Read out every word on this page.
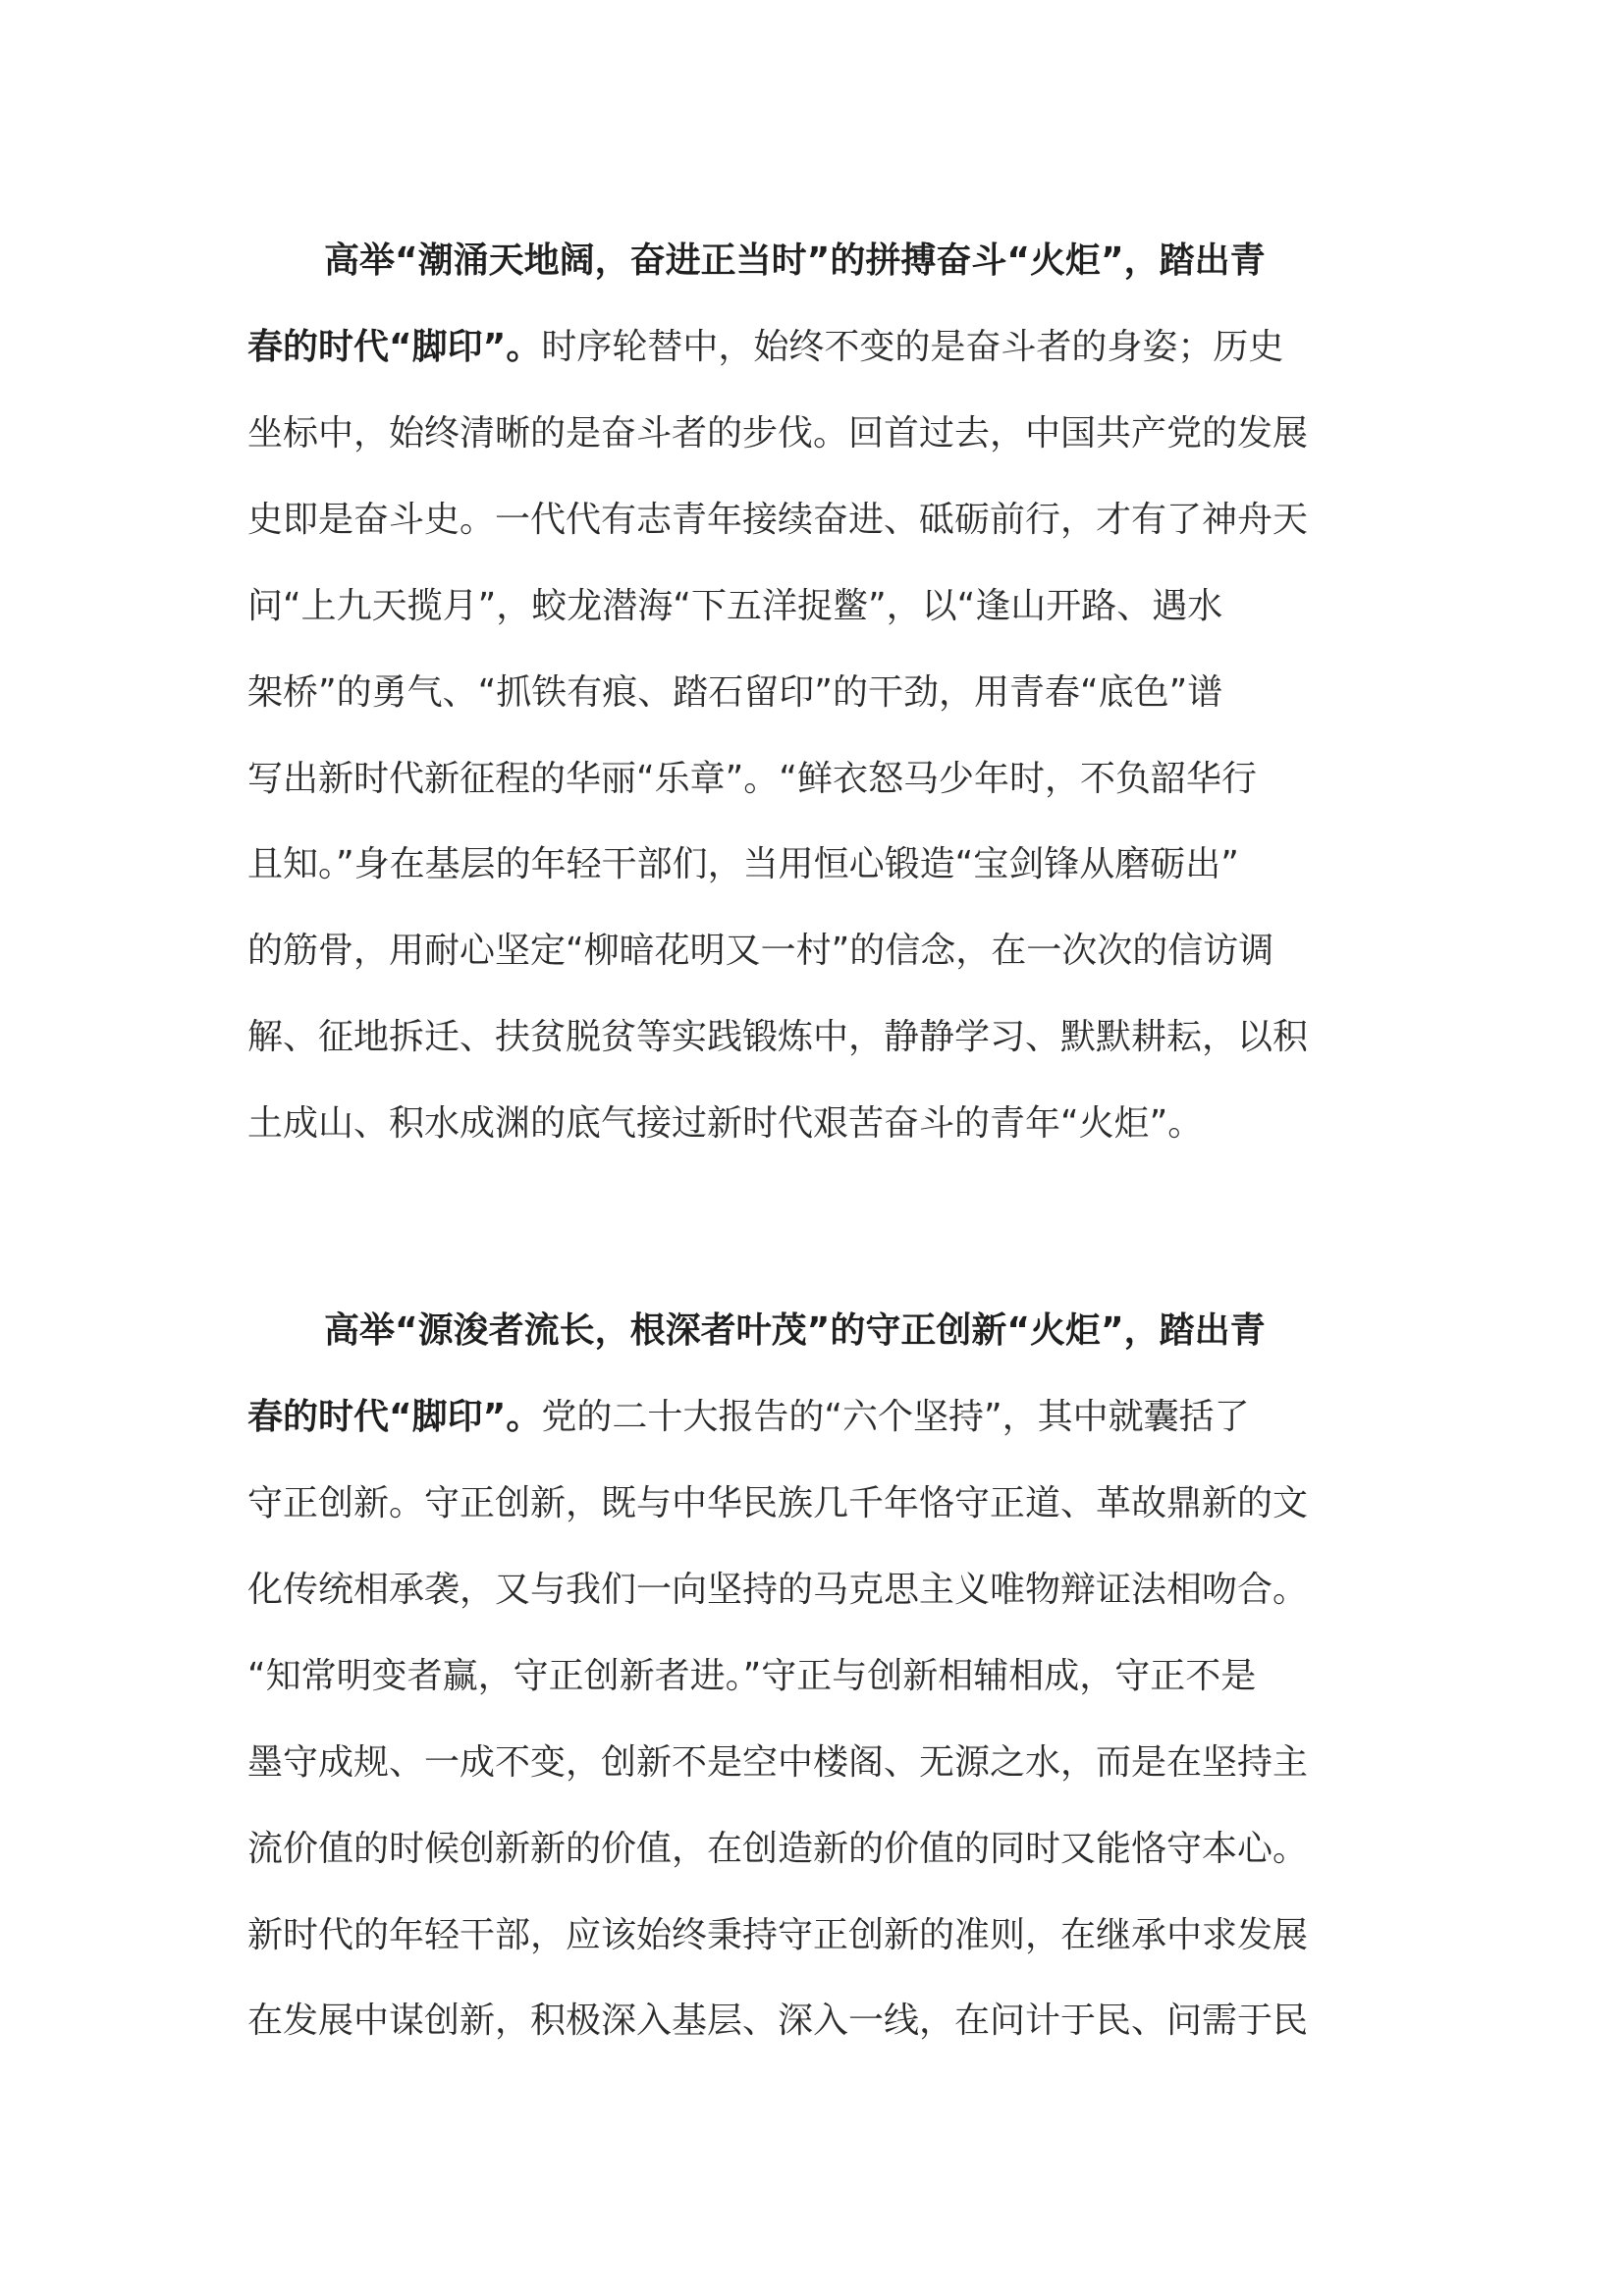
高举“潮涌天地阔，奋进正当时”的拼搏奋斗“火炬”，踏出青
春的时代“脚印”。时序轮替中，始终不变的是奋斗者的身姿；历史
坐标中，始终清晰的是奋斗者的步伐。回首过去，中国共产党的发展
史即是奋斗史。一代代有志青年接续奋进、砥砺前行，才有了神舟天
问“上九天揽月”，蛟龙潜海“下五洋捉鳖”，以“逢山开路、遇水
架桥”的勇气、“抓铁有痕、踏石留印”的干劲，用青春“底色”谱
写出新时代新征程的华丽“乐章”。“鲜衣怒马少年时，不负韶华行
且知。”身在基层的年轻干部们，当用恒心锻造“宝剑锋从磨砺出”
的筋骨，用耐心坚定“柳暗花明又一村”的信念，在一次次的信访调
解、征地拆迁、扶贫脱贫等实践锻炼中，静静学习、默默耕耘，以积
土成山、积水成渊的底气接过新时代艰苦奋斗的青年“火炬”。
高举“源浚者流长，根深者叶茂”的守正创新“火炬”，踏出青
春的时代“脚印”。党的二十大报告的“六个坚持”，其中就囊括了
守正创新。守正创新，既与中华民族几千年恪守正道、革故鼎新的文
化传统相承袭，又与我们一向坚持的马克思主义唯物辩证法相吻合。
“知常明变者赢，守正创新者进。”守正与创新相辅相成，守正不是
墨守成规、一成不变，创新不是空中楼阁、无源之水，而是在坚持主
流价值的时候创新新的价值，在创造新的价值的同时又能恪守本心。
新时代的年轻干部，应该始终秉持守正创新的准则，在继承中求发展
在发展中谋创新，积极深入基层、深入一线，在问计于民、问需于民
